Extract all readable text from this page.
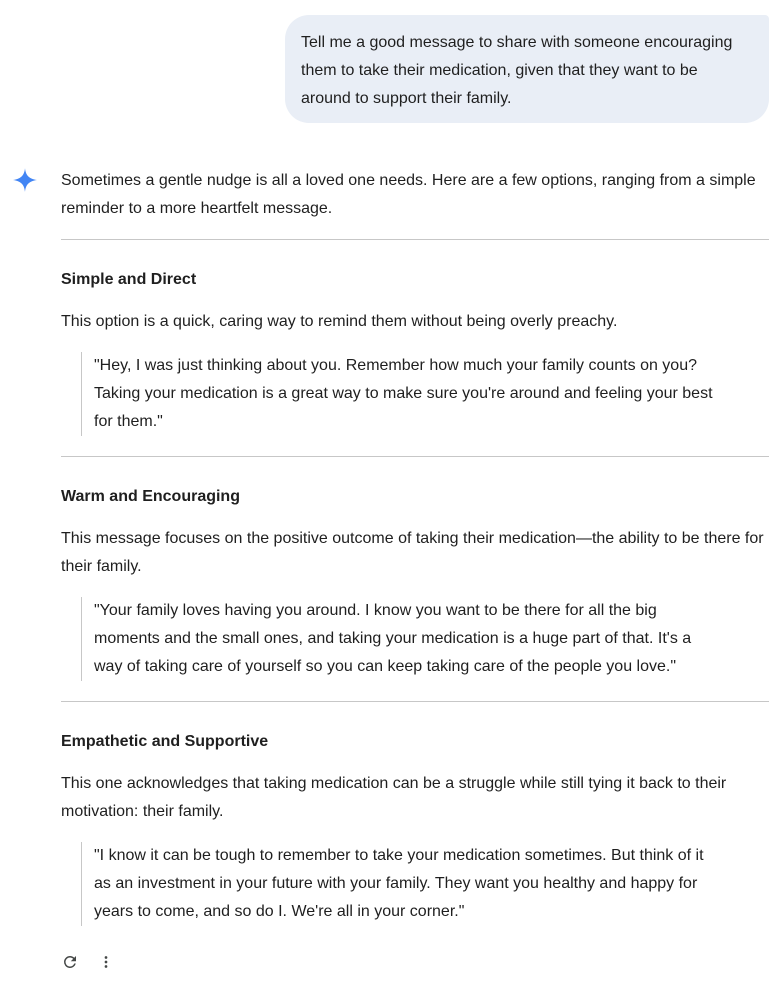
Tell me a good message to share with someone encouraging them to take their medication, given that they want to be around to support their family.

Sometimes a gentle nudge is all a loved one needs. Here are a few options, ranging from a simple reminder to a more heartfelt message.

Simple and Direct

This option is a quick, caring way to remind them without being overly preachy.

"Hey, I was just thinking about you. Remember how much your family counts on you? Taking your medication is a great way to make sure you're around and feeling your best for them."
Warm and Encouraging

This message focuses on the positive outcome of taking their medication—the ability to be there for their family.

"Your family loves having you around. I know you want to be there for all the big moments and the small ones, and taking your medication is a huge part of that. It's a way of taking care of yourself so you can keep taking care of the people you love."
Empathetic and Supportive

This one acknowledges that taking medication can be a struggle while still tying it back to their motivation: their family.

"I know it can be tough to remember to take your medication sometimes. But think of it as an investment in your future with your family. They want you healthy and happy for years to come, and so do I. We're all in your corner."
